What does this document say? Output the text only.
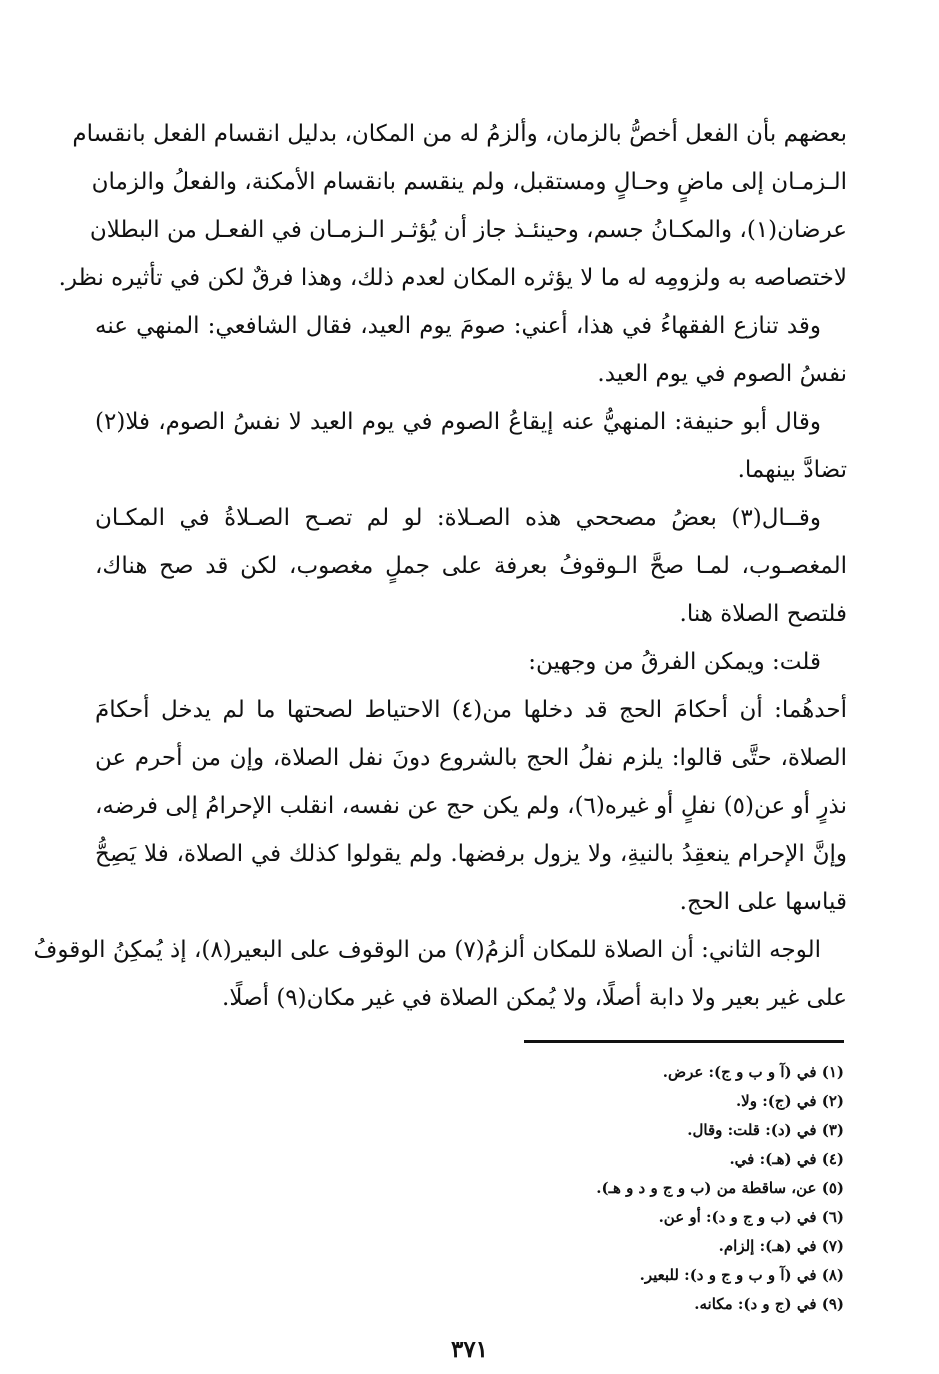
بعضهم بأن الفعل أخصُّ بالزمان، وألزمُ له من المكان، بدليل انقسام الفعل بانقسام
الـزمـان إلى ماضٍ وحـالٍ ومستقبل، ولم ينقسم بانقسام الأمكنة، والفعلُ والزمان
عرضان(١)، والمكـانُ جسم، وحينئـذ جاز أن يُؤثـر الـزمـان في الفعـل من البطلان
لاختصاصه به ولزومِه له ما لا يؤثره المكان لعدم ذلك، وهذا فرقٌ لكن في تأثيره نظر.
وقد تنازع الفقهاءُ في هذا، أعني: صومَ يوم العيد، فقال الشافعي: المنهي عنه
نفسُ الصوم في يوم العيد.
وقال أبو حنيفة: المنهيُّ عنه إيقاعُ الصوم في يوم العيد لا نفسُ الصوم، فلا(٢)
تضادَّ بينهما.
وقــال(٣) بعضُ مصححي هذه الصـلاة: لو لم تصـح الصـلاةُ في المكـان
المغصـوب، لمـا صحَّ الـوقوفُ بعرفة على جملٍ مغصوب، لكن قد صح هناك،
فلتصح الصلاة هنا.
قلت: ويمكن الفرقُ من وجهين:
أحدهُما: أن أحكامَ الحج قد دخلها من(٤) الاحتياط لصحتها ما لم يدخل أحكامَ
الصلاة، حتَّى قالوا: يلزم نفلُ الحج بالشروع دونَ نفل الصلاة، وإن من أحرم عن
نذرٍ أو عن(٥) نفلٍ أو غيره(٦)، ولم يكن حج عن نفسه، انقلب الإحرامُ إلى فرضه،
وإنَّ الإحرام ينعقِدُ بالنيةِ، ولا يزول برفضها. ولم يقولوا كذلك في الصلاة، فلا يَصِحُّ
قياسها على الحج.
الوجه الثاني: أن الصلاة للمكان ألزمُ(٧) من الوقوف على البعير(٨)، إذ يُمكِنُ الوقوفُ
على غير بعير ولا دابة أصلًا، ولا يُمكن الصلاة في غير مكان(٩) أصلًا.
(١) في (آ و ب و ج): عرض.
(٢) في (ج): ولا.
(٣) في (د): قلت: وقال.
(٤) في (هـ): في.
(٥) عن، ساقطة من (ب و ج و د و هـ).
(٦) في (ب و ج و د): أو عن.
(٧) في (هـ): إلزام.
(٨) في (آ و ب و ج و د): للبعير.
(٩) في (ج و د): مكانه.
٣٧١
